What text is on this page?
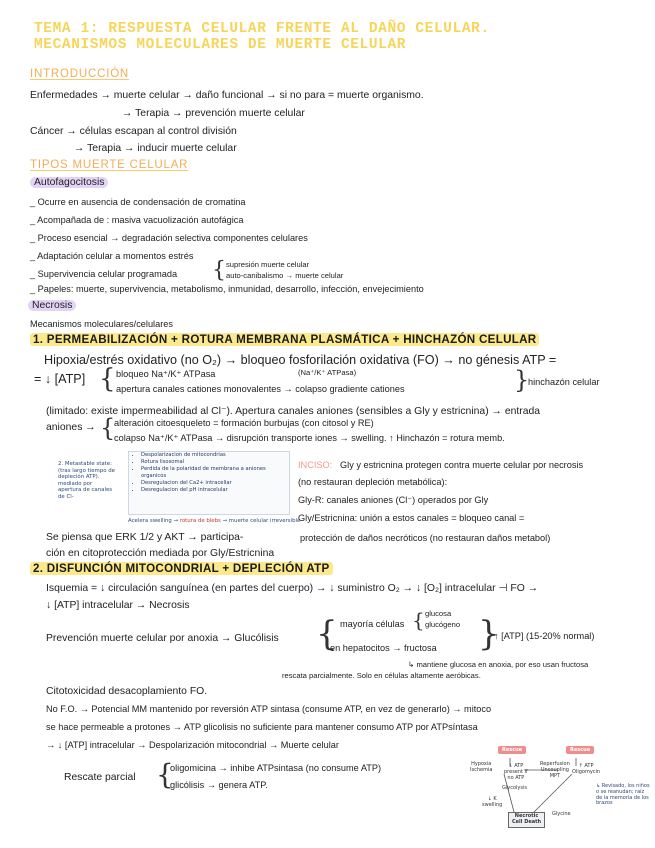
TEMA 1: RESPUESTA CELULAR FRENTE AL DAÑO CELULAR.
MECANISMOS MOLECULARES DE MUERTE CELULAR
INTRODUCCIÓN
Enfermedades → muerte celular → daño funcional → si no para = muerte organismo.
→ Terapia → prevención muerte celular
Cáncer → células escapan al control división
→ Terapia → inducir muerte celular
TIPOS MUERTE CELULAR
Autofagocitosis
_ Ocurre en ausencia de condensación de cromatina
_ Acompañada de : masiva vacuolización autofágica
_ Proceso esencial → degradación selectiva componentes celulares
_ Adaptación celular a momentos estrés
_ Supervivencia celular programada { supresión muerte celular
auto-canibalismo → muerte celular
_ Papeles: muerte, supervivencia, metabolismo, inmunidad, desarrollo, infección, envejecimiento
Necrosis
Mecanismos moleculares/celulares
1. PERMEABILIZACIÓN + ROTURA MEMBRANA PLASMÁTICA + HINCHAZÓN CELULAR
Hipoxia/estrés oxidativo (no O₂) → bloqueo fosforilación oxidativa (FO) → no génesis ATP =
= ↓ [ATP] { bloqueo Na⁺/K⁺ ATPasa	(Na⁺/K⁺ ATPasa)
apertura canales cationes monovalentes → colapso gradiente cationes	}
hinchazón celular
(limitado: existe impermeabilidad al Cl⁻). Apertura canales aniones (sensibles a Gly y estricnina) → entrada
aniones → {
alteración citoesqueleto = formación burbujas (con citosol y RE)
colapso Na⁺/K⁺ ATPasa → disrupción transporte iones → swelling. ↑ Hinchazón = rotura memb.
2. Metastable state:
(tras largo tiempo de
depleción ATP).
mediado por
apertura de canales
de Cl-
• Despolarizacion de mitocondrias
• Rotura lisosomal
• Perdida de la polaridad de membrana a aniones organicos
• Desregulacion del Ca2+ intracellar
• Desregulacion del pH intracelular
Acelera swelling → rotura de blebs → muerte celular irreversible
INCISO: Gly y estricnina protegen contra muerte celular por necrosis
(no restauran depleción metabólica):
Gly-R: canales aniones (Cl⁻) operados por Gly
Gly/Estricnina: unión a estos canales = bloqueo canal =
Se piensa que ERK 1/2 y AKT → participa-	protección de daños necróticos (no restauran daños metabol)
ción en citoprotección mediada por Gly/Estricnina
2. DISFUNCIÓN MITOCONDRIAL + DEPLECIÓN ATP
Isquemia = ↓ circulación sanguínea (en partes del cuerpo) → ↓ suministro O₂ → ↓ [O₂] intracelular ⊣ FO →
↓ [ATP] intracelular → Necrosis
Prevención muerte celular por anoxia → Glucólisis { mayoría células { glucosa
glucógeno
en hepatocitos → fructosa }
↑ [ATP] (15-20% normal)
↳ mantiene glucosa en anoxia, por eso usan fructosa
rescata parcialmente. Solo en células altamente aeróbicas.
Citotoxicidad desacoplamiento FO.
No F.O. → Potencial MM mantenido por reversión ATP sintasa (consume ATP, en vez de generarlo) → mitoco
se hace permeable a protones → ATP glicolisis no suficiente para mantener consumo ATP por ATPsíntasa
→ ↓ [ATP] intracelular → Despolarización mitocondrial → Muerte celular
Rescate parcial {
oligomicina → inhibe ATPsintasa (no consume ATP)
glicólisis → genera ATP.
Rescue	Rescue
Hypoxia
Ischemia
↓ ATP
present if
no ATP
Reperfusion
Uncoupling
MPT
↑ ATP
Oligomycin
Glycolysis
↓ K
swelling
Necrotic
Cell Death
Glycine
↳ Revisado, los niños o se reanudan; raíz de la memoria de los brazos
